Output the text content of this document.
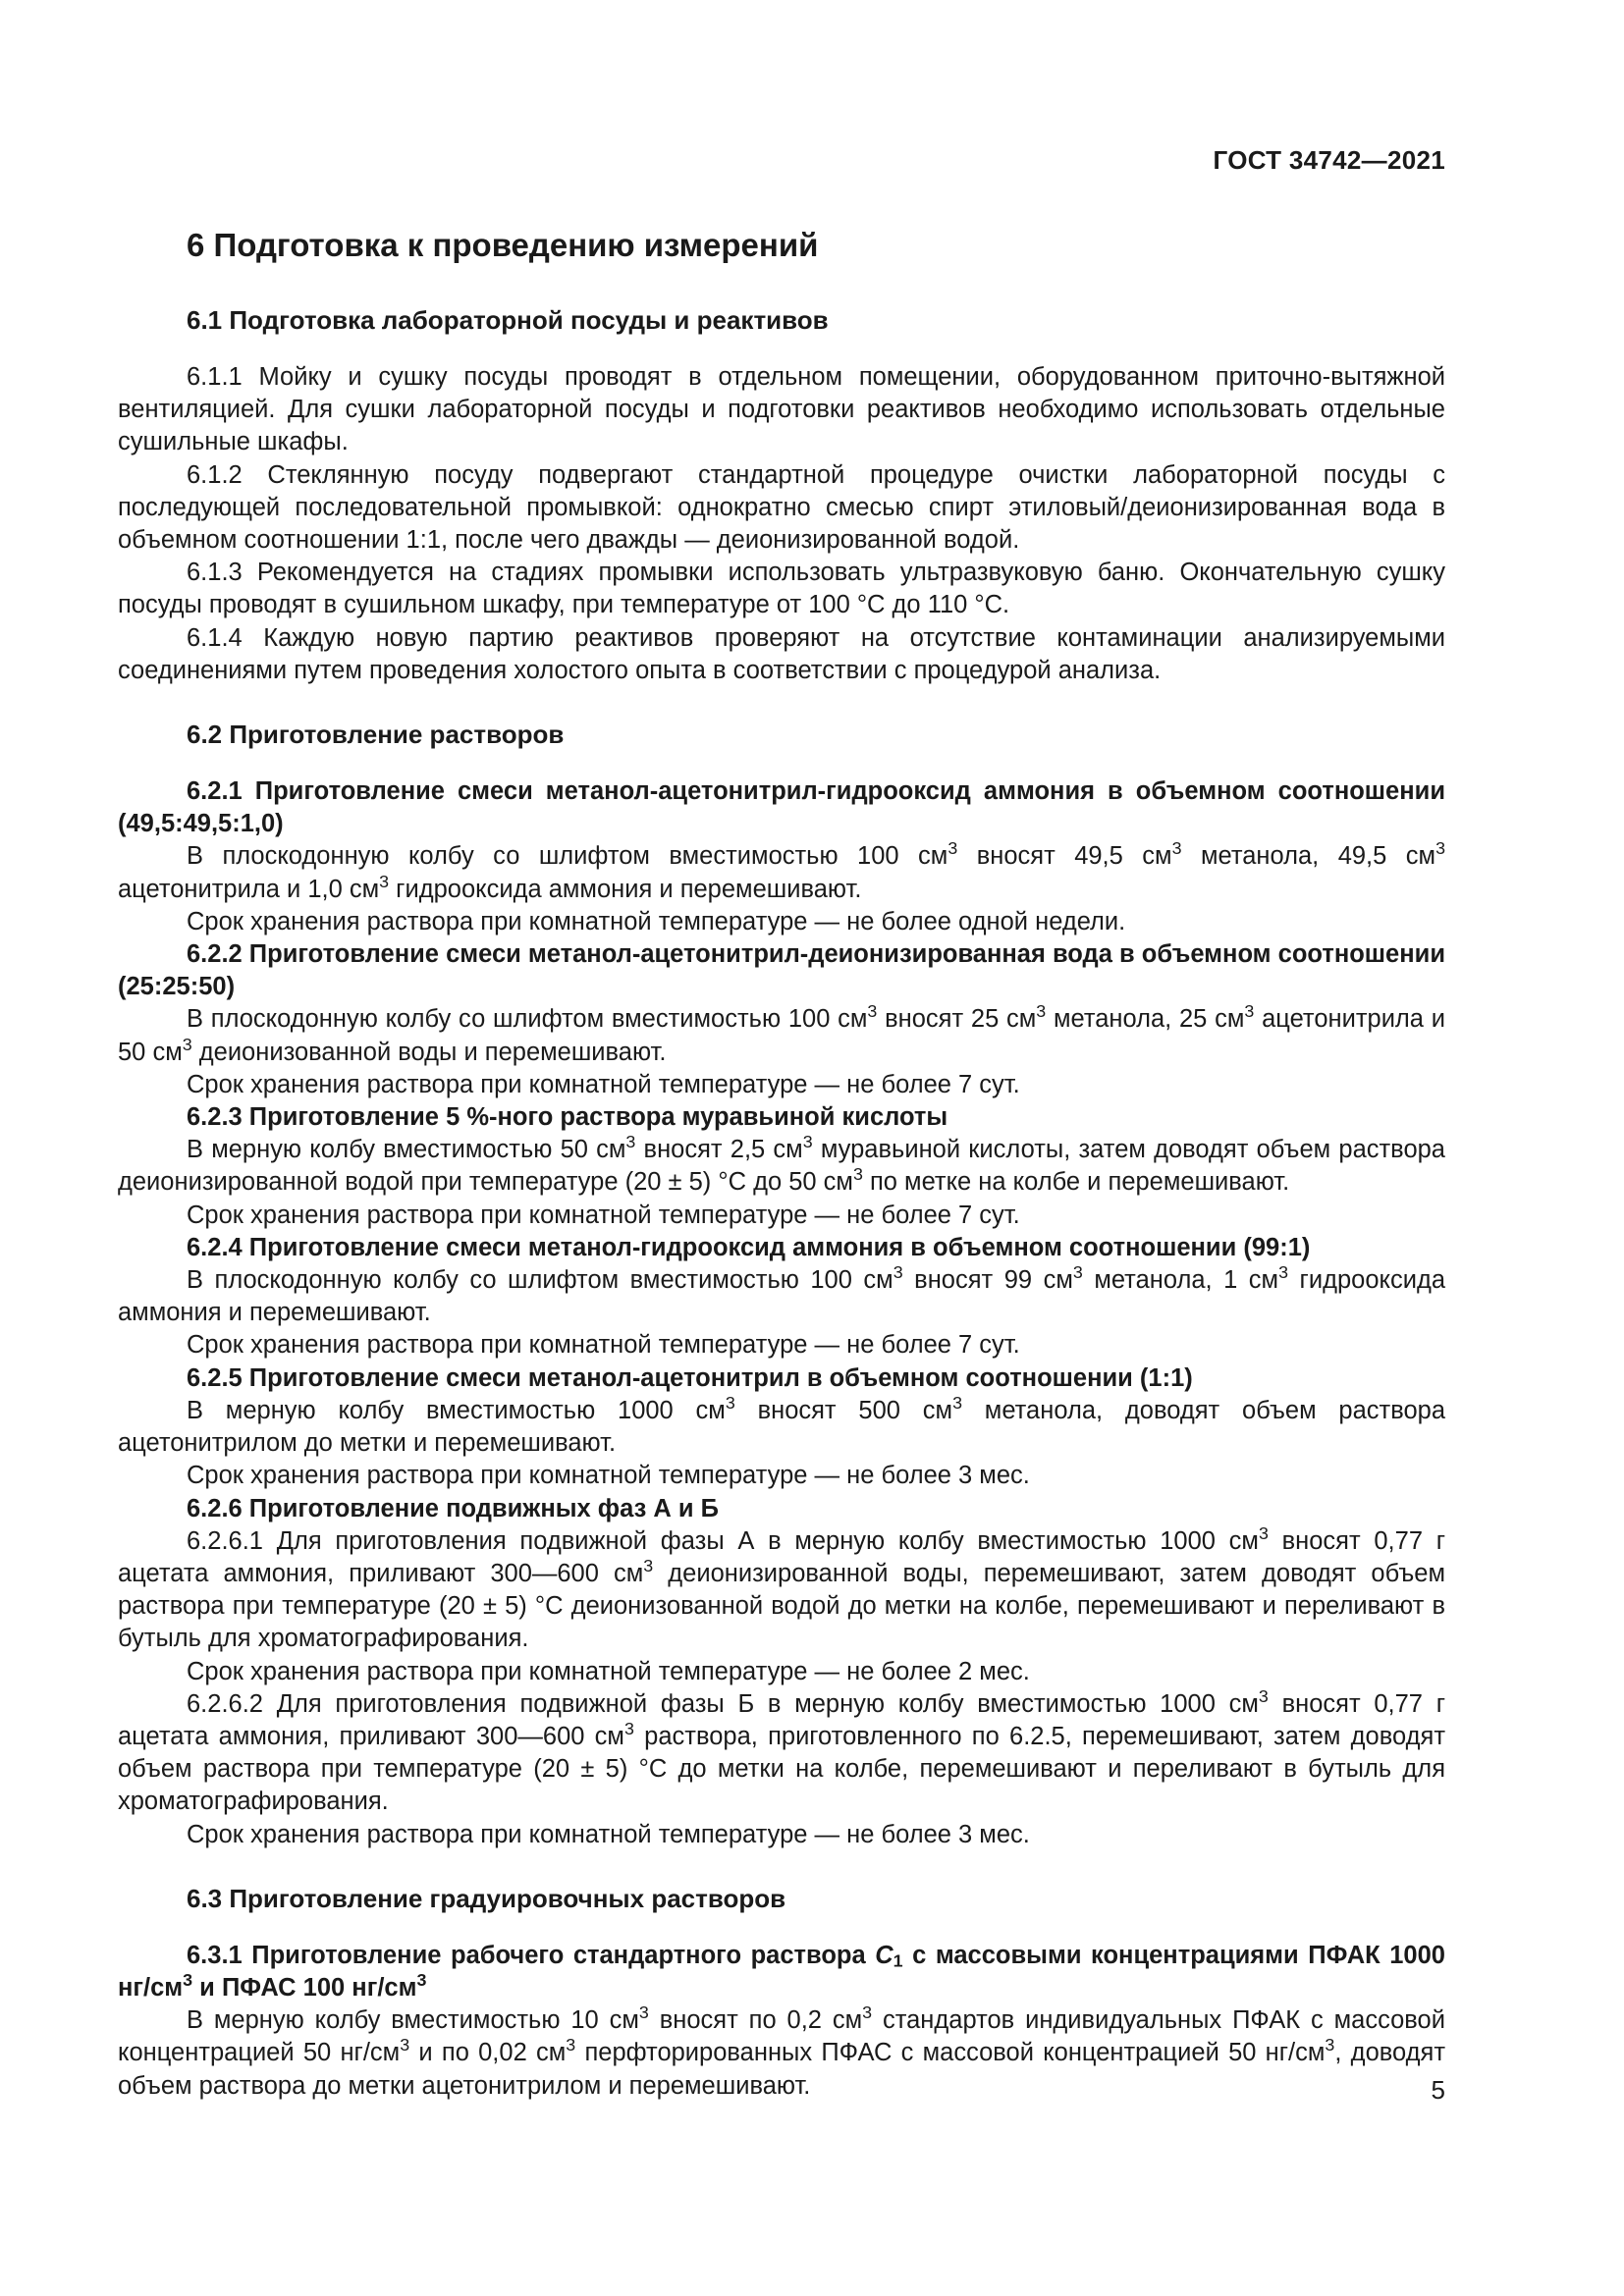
ГОСТ 34742—2021
6 Подготовка к проведению измерений
6.1 Подготовка лабораторной посуды и реактивов

6.1.1 Мойку и сушку посуды проводят в отдельном помещении, оборудованном приточно-вытяжной вентиляцией. Для сушки лабораторной посуды и подготовки реактивов необходимо использовать отдельные сушильные шкафы.

6.1.2 Стеклянную посуду подвергают стандартной процедуре очистки лабораторной посуды с последующей последовательной промывкой: однократно смесью спирт этиловый/деионизированная вода в объемном соотношении 1:1, после чего дважды — деионизированной водой.

6.1.3 Рекомендуется на стадиях промывки использовать ультразвуковую баню. Окончательную сушку посуды проводят в сушильном шкафу, при температуре от 100 °С до 110 °С.

6.1.4 Каждую новую партию реактивов проверяют на отсутствие контаминации анализируемыми соединениями путем проведения холостого опыта в соответствии с процедурой анализа.

6.2 Приготовление растворов

6.2.1 Приготовление смеси метанол-ацетонитрил-гидрооксид аммония в объемном соотношении (49,5:49,5:1,0)

В плоскодонную колбу со шлифтом вместимостью 100 $см^3$ вносят 49,5 $см^3$ метанола, 49,5 $см^3$ ацетонитрила и 1,0 $см^3$ гидрооксида аммония и перемешивают.

Срок хранения раствора при комнатной температуре — не более одной недели.

6.2.2 Приготовление смеси метанол-ацетонитрил-деионизированная вода в объемном соотношении (25:25:50)

В плоскодонную колбу со шлифтом вместимостью 100 $см^3$ вносят 25 $см^3$ метанола, 25 $см^3$ ацетонитрила и 50 $см^3$ деионизованной воды и перемешивают.

Срок хранения раствора при комнатной температуре — не более 7 сут.

6.2.3 Приготовление 5 %-ного раствора муравьиной кислоты

В мерную колбу вместимостью 50 $см^3$ вносят 2,5 $см^3$ муравьиной кислоты, затем доводят объем раствора деионизированной водой при температуре (20 ± 5) °С до 50 $см^3$ по метке на колбе и перемешивают.

Срок хранения раствора при комнатной температуре — не более 7 сут.

6.2.4 Приготовление смеси метанол-гидрооксид аммония в объемном соотношении (99:1)

В плоскодонную колбу со шлифтом вместимостью 100 $см^3$ вносят 99 $см^3$ метанола, 1 $см^3$ гидрооксида аммония и перемешивают.

Срок хранения раствора при комнатной температуре — не более 7 сут.

6.2.5 Приготовление смеси метанол-ацетонитрил в объемном соотношении (1:1)

В мерную колбу вместимостью 1000 $см^3$ вносят 500 $см^3$ метанола, доводят объем раствора ацетонитрилом до метки и перемешивают.

Срок хранения раствора при комнатной температуре — не более 3 мес.

6.2.6 Приготовление подвижных фаз А и Б

6.2.6.1 Для приготовления подвижной фазы А в мерную колбу вместимостью 1000 $см^3$ вносят 0,77 г ацетата аммония, приливают 300—600 $см^3$ деионизированной воды, перемешивают, затем доводят объем раствора при температуре (20 ± 5) °С деионизованной водой до метки на колбе, перемешивают и переливают в бутыль для хроматографирования.

Срок хранения раствора при комнатной температуре — не более 2 мес.

6.2.6.2 Для приготовления подвижной фазы Б в мерную колбу вместимостью 1000 $см^3$ вносят 0,77 г ацетата аммония, приливают 300—600 $см^3$ раствора, приготовленного по 6.2.5, перемешивают, затем доводят объем раствора при температуре (20 ± 5) °С до метки на колбе, перемешивают и переливают в бутыль для хроматографирования.

Срок хранения раствора при комнатной температуре — не более 3 мес.

6.3 Приготовление градуировочных растворов

6.3.1 Приготовление рабочего стандартного раствора $С_1$ с массовыми концентрациями ПФАК 1000 $нг/см^3$ и ПФАС 100 $нг/см^3$

В мерную колбу вместимостью 10 $см^3$ вносят по 0,2 $см^3$ стандартов индивидуальных ПФАК с массовой концентрацией 50 $нг/см^3$ и по 0,02 $см^3$ перфторированных ПФАС с массовой концентрацией 50 $нг/см^3$, доводят объем раствора до метки ацетонитрилом и перемешивают.	5
